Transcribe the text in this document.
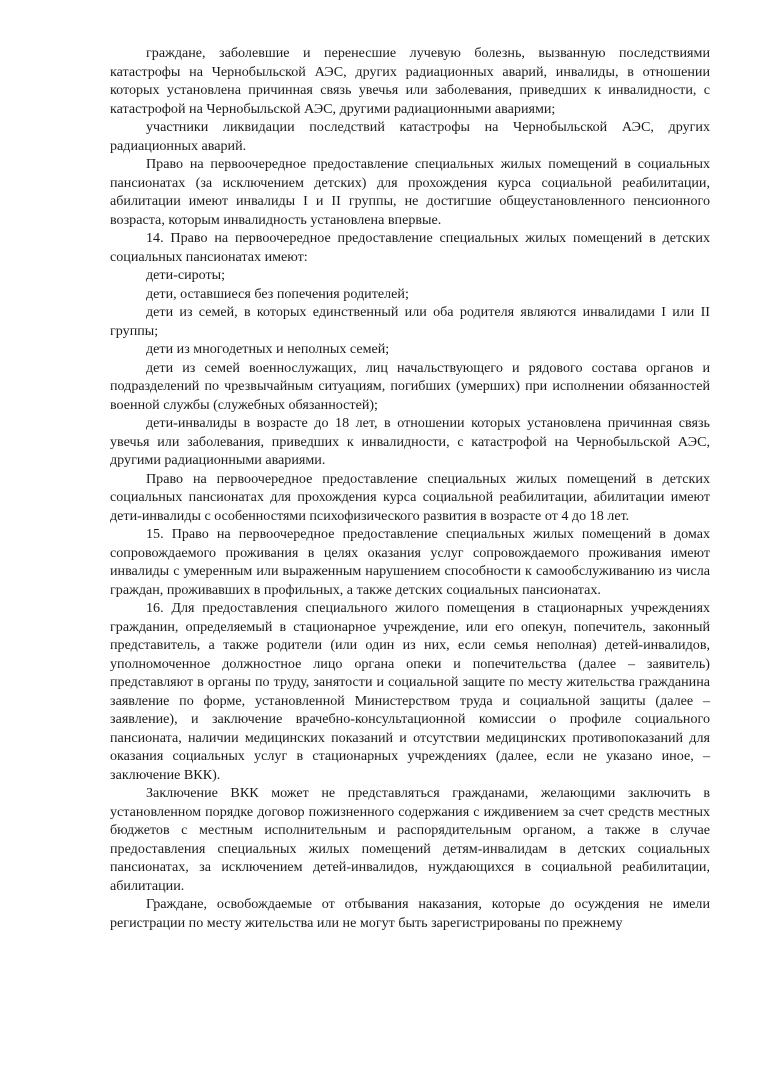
граждане, заболевшие и перенесшие лучевую болезнь, вызванную последствиями катастрофы на Чернобыльской АЭС, других радиационных аварий, инвалиды, в отношении которых установлена причинная связь увечья или заболевания, приведших к инвалидности, с катастрофой на Чернобыльской АЭС, другими радиационными авариями;

участники ликвидации последствий катастрофы на Чернобыльской АЭС, других радиационных аварий.

Право на первоочередное предоставление специальных жилых помещений в социальных пансионатах (за исключением детских) для прохождения курса социальной реабилитации, абилитации имеют инвалиды I и II группы, не достигшие общеустановленного пенсионного возраста, которым инвалидность установлена впервые.

14. Право на первоочередное предоставление специальных жилых помещений в детских социальных пансионатах имеют:

дети-сироты;

дети, оставшиеся без попечения родителей;

дети из семей, в которых единственный или оба родителя являются инвалидами I или II группы;

дети из многодетных и неполных семей;

дети из семей военнослужащих, лиц начальствующего и рядового состава органов и подразделений по чрезвычайным ситуациям, погибших (умерших) при исполнении обязанностей военной службы (служебных обязанностей);

дети-инвалиды в возрасте до 18 лет, в отношении которых установлена причинная связь увечья или заболевания, приведших к инвалидности, с катастрофой на Чернобыльской АЭС, другими радиационными авариями.

Право на первоочередное предоставление специальных жилых помещений в детских социальных пансионатах для прохождения курса социальной реабилитации, абилитации имеют дети-инвалиды с особенностями психофизического развития в возрасте от 4 до 18 лет.

15. Право на первоочередное предоставление специальных жилых помещений в домах сопровождаемого проживания в целях оказания услуг сопровождаемого проживания имеют инвалиды с умеренным или выраженным нарушением способности к самообслуживанию из числа граждан, проживавших в профильных, а также детских социальных пансионатах.

16. Для предоставления специального жилого помещения в стационарных учреждениях гражданин, определяемый в стационарное учреждение, или его опекун, попечитель, законный представитель, а также родители (или один из них, если семья неполная) детей-инвалидов, уполномоченное должностное лицо органа опеки и попечительства (далее – заявитель) представляют в органы по труду, занятости и социальной защите по месту жительства гражданина заявление по форме, установленной Министерством труда и социальной защиты (далее – заявление), и заключение врачебно-консультационной комиссии о профиле социального пансионата, наличии медицинских показаний и отсутствии медицинских противопоказаний для оказания социальных услуг в стационарных учреждениях (далее, если не указано иное, – заключение ВКК).

Заключение ВКК может не представляться гражданами, желающими заключить в установленном порядке договор пожизненного содержания с иждивением за счет средств местных бюджетов с местным исполнительным и распорядительным органом, а также в случае предоставления специальных жилых помещений детям-инвалидам в детских социальных пансионатах, за исключением детей-инвалидов, нуждающихся в социальной реабилитации, абилитации.

Граждане, освобождаемые от отбывания наказания, которые до осуждения не имели регистрации по месту жительства или не могут быть зарегистрированы по прежнему
